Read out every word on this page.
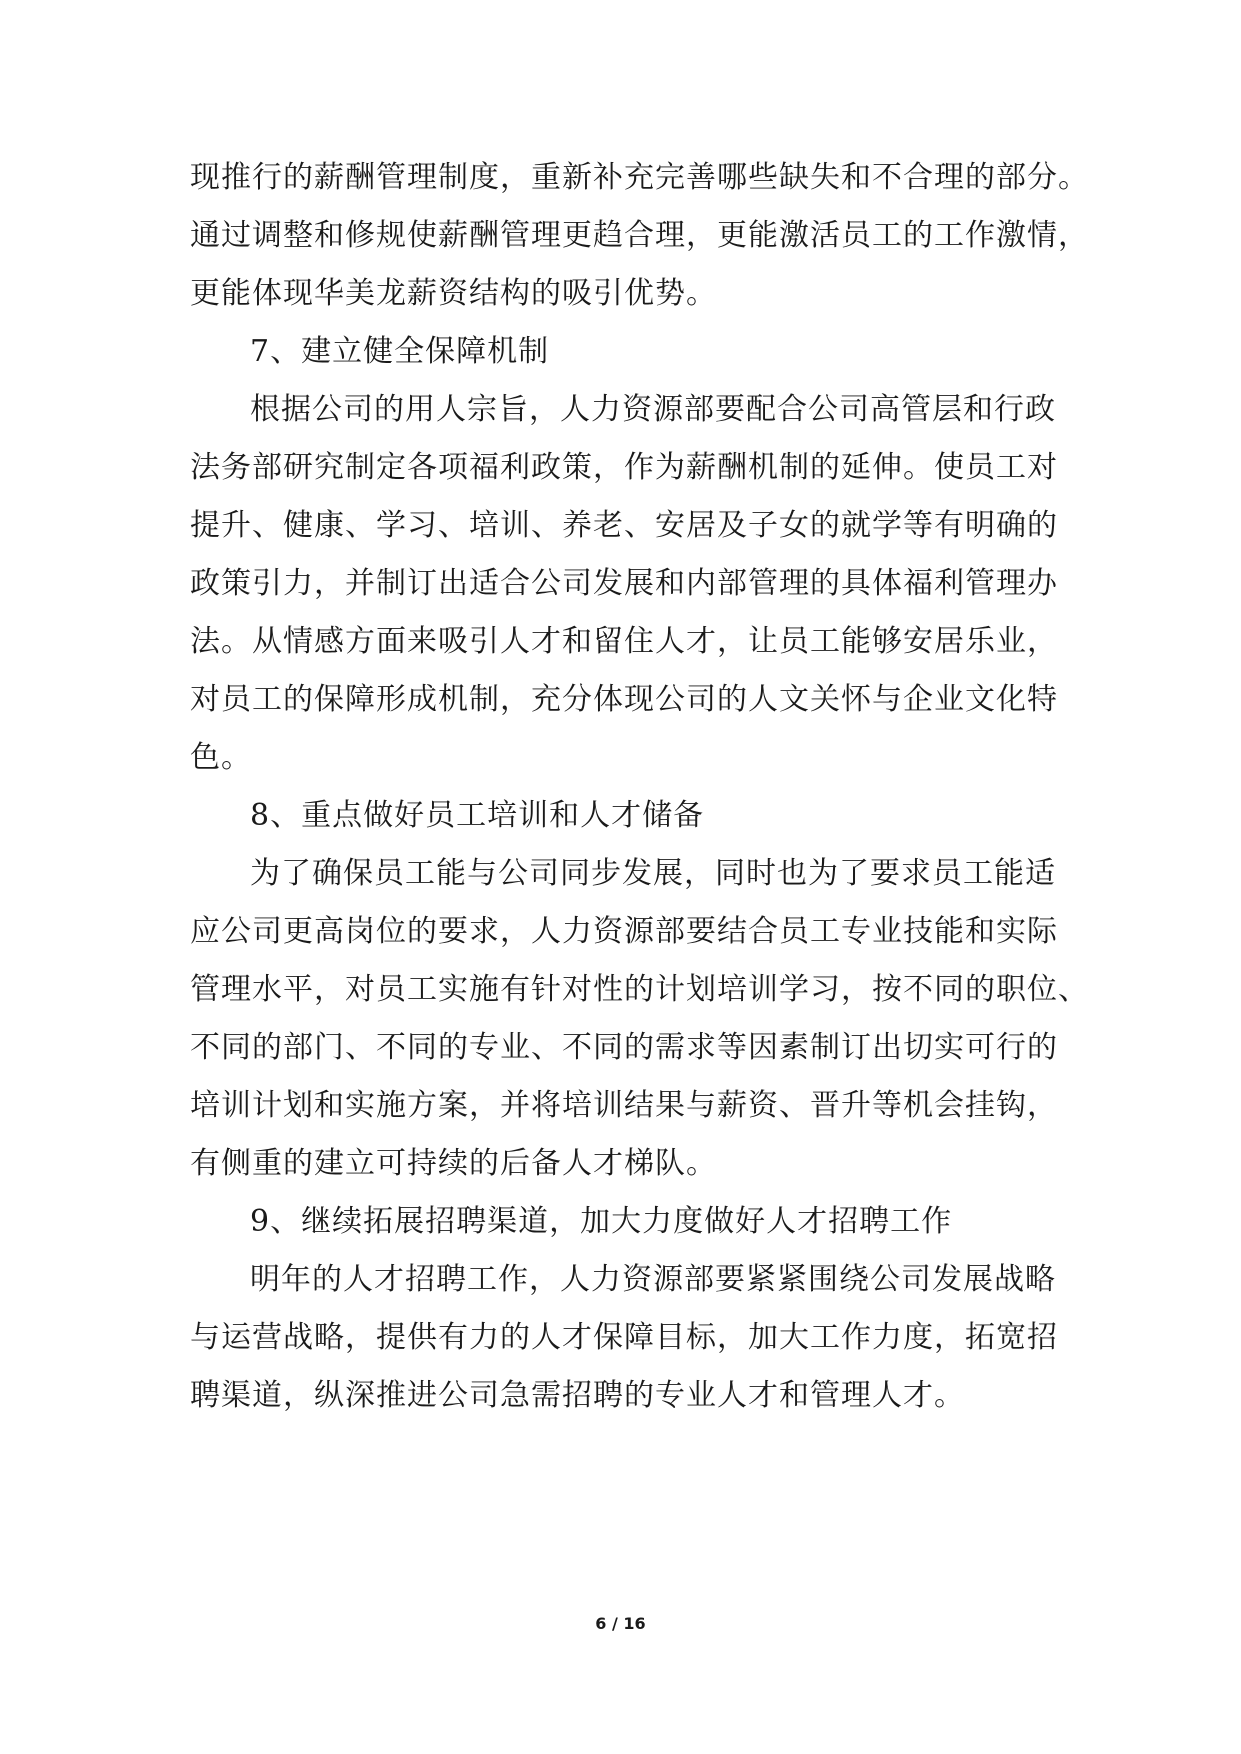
现推行的薪酬管理制度，重新补充完善哪些缺失和不合理的部分。
通过调整和修规使薪酬管理更趋合理，更能激活员工的工作激情，
更能体现华美龙薪资结构的吸引优势。
7、建立健全保障机制
根据公司的用人宗旨，人力资源部要配合公司高管层和行政
法务部研究制定各项福利政策，作为薪酬机制的延伸。使员工对
提升、健康、学习、培训、养老、安居及子女的就学等有明确的
政策引力，并制订出适合公司发展和内部管理的具体福利管理办
法。从情感方面来吸引人才和留住人才，让员工能够安居乐业，
对员工的保障形成机制，充分体现公司的人文关怀与企业文化特
色。
8、重点做好员工培训和人才储备
为了确保员工能与公司同步发展，同时也为了要求员工能适
应公司更高岗位的要求，人力资源部要结合员工专业技能和实际
管理水平，对员工实施有针对性的计划培训学习，按不同的职位、
不同的部门、不同的专业、不同的需求等因素制订出切实可行的
培训计划和实施方案，并将培训结果与薪资、晋升等机会挂钩，
有侧重的建立可持续的后备人才梯队。
9、继续拓展招聘渠道，加大力度做好人才招聘工作
明年的人才招聘工作，人力资源部要紧紧围绕公司发展战略
与运营战略，提供有力的人才保障目标，加大工作力度，拓宽招
聘渠道，纵深推进公司急需招聘的专业人才和管理人才。
6 / 16
